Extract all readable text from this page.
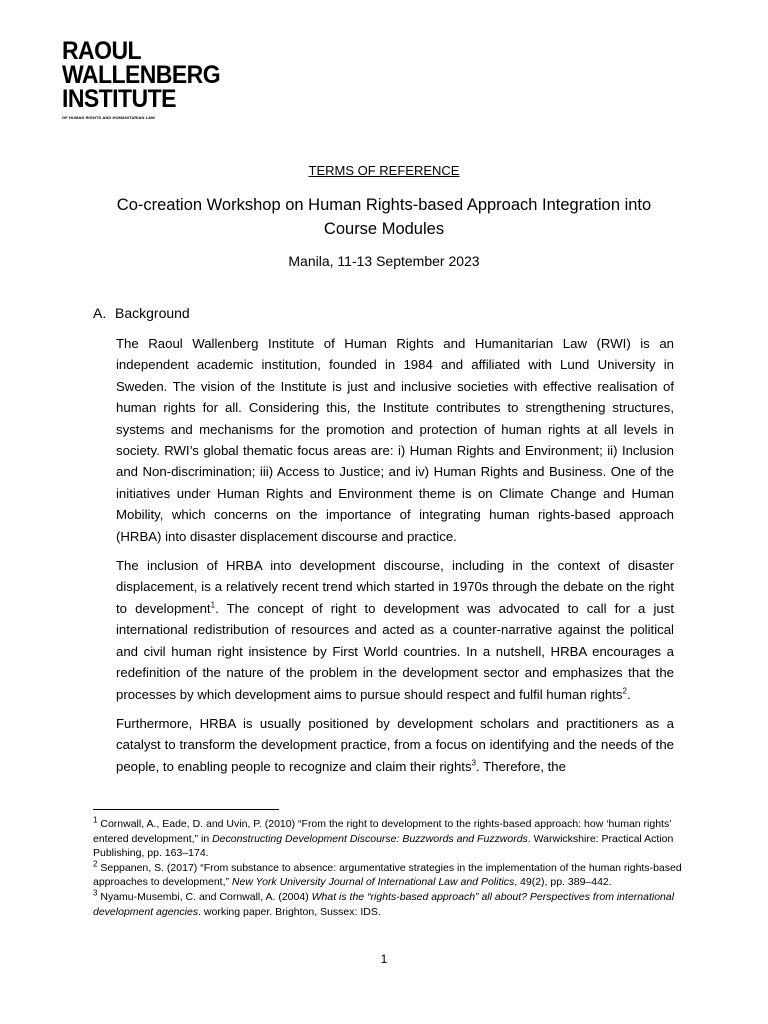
RAOUL
WALLENBERG
INSTITUTE
OF HUMAN RIGHTS AND HUMANITARIAN LAW
TERMS OF REFERENCE
Co-creation Workshop on Human Rights-based Approach Integration into
Course Modules
Manila, 11-13 September 2023
A. Background

The Raoul Wallenberg Institute of Human Rights and Humanitarian Law (RWI) is an independent academic institution, founded in 1984 and affiliated with Lund University in Sweden. The vision of the Institute is just and inclusive societies with effective realisation of human rights for all. Considering this, the Institute contributes to strengthening structures, systems and mechanisms for the promotion and protection of human rights at all levels in society. RWI’s global thematic focus areas are: i) Human Rights and Environment; ii) Inclusion and Non-discrimination; iii) Access to Justice; and iv) Human Rights and Business. One of the initiatives under Human Rights and Environment theme is on Climate Change and Human Mobility, which concerns on the importance of integrating human rights-based approach (HRBA) into disaster displacement discourse and practice.

The inclusion of HRBA into development discourse, including in the context of disaster displacement, is a relatively recent trend which started in 1970s through the debate on the right to development$^1$. The concept of right to development was advocated to call for a just international redistribution of resources and acted as a counter-narrative against the political and civil human right insistence by First World countries. In a nutshell, HRBA encourages a redefinition of the nature of the problem in the development sector and emphasizes that the processes by which development aims to pursue should respect and fulfil human rights$^2$.

Furthermore, HRBA is usually positioned by development scholars and practitioners as a catalyst to transform the development practice, from a focus on identifying and the needs of the people, to enabling people to recognize and claim their rights$^3$. Therefore, the

$^1$ Cornwall, A., Eade, D. and Uvin, P. (2010) “From the right to development to the rights-based approach: how ‘human rights’ entered development,” in Deconstructing Development Discourse: Buzzwords and Fuzzwords. Warwickshire: Practical Action Publishing, pp. 163–174.

$^2$ Seppanen, S. (2017) “From substance to absence: argumentative strategies in the implementation of the human rights-based approaches to development,” New York University Journal of International Law and Politics, 49(2), pp. 389–442.

$^3$ Nyamu-Musembi, C. and Cornwall, A. (2004) What is the “rights-based approach” all about? Perspectives from international development agencies. working paper. Brighton, Sussex: IDS.

1
